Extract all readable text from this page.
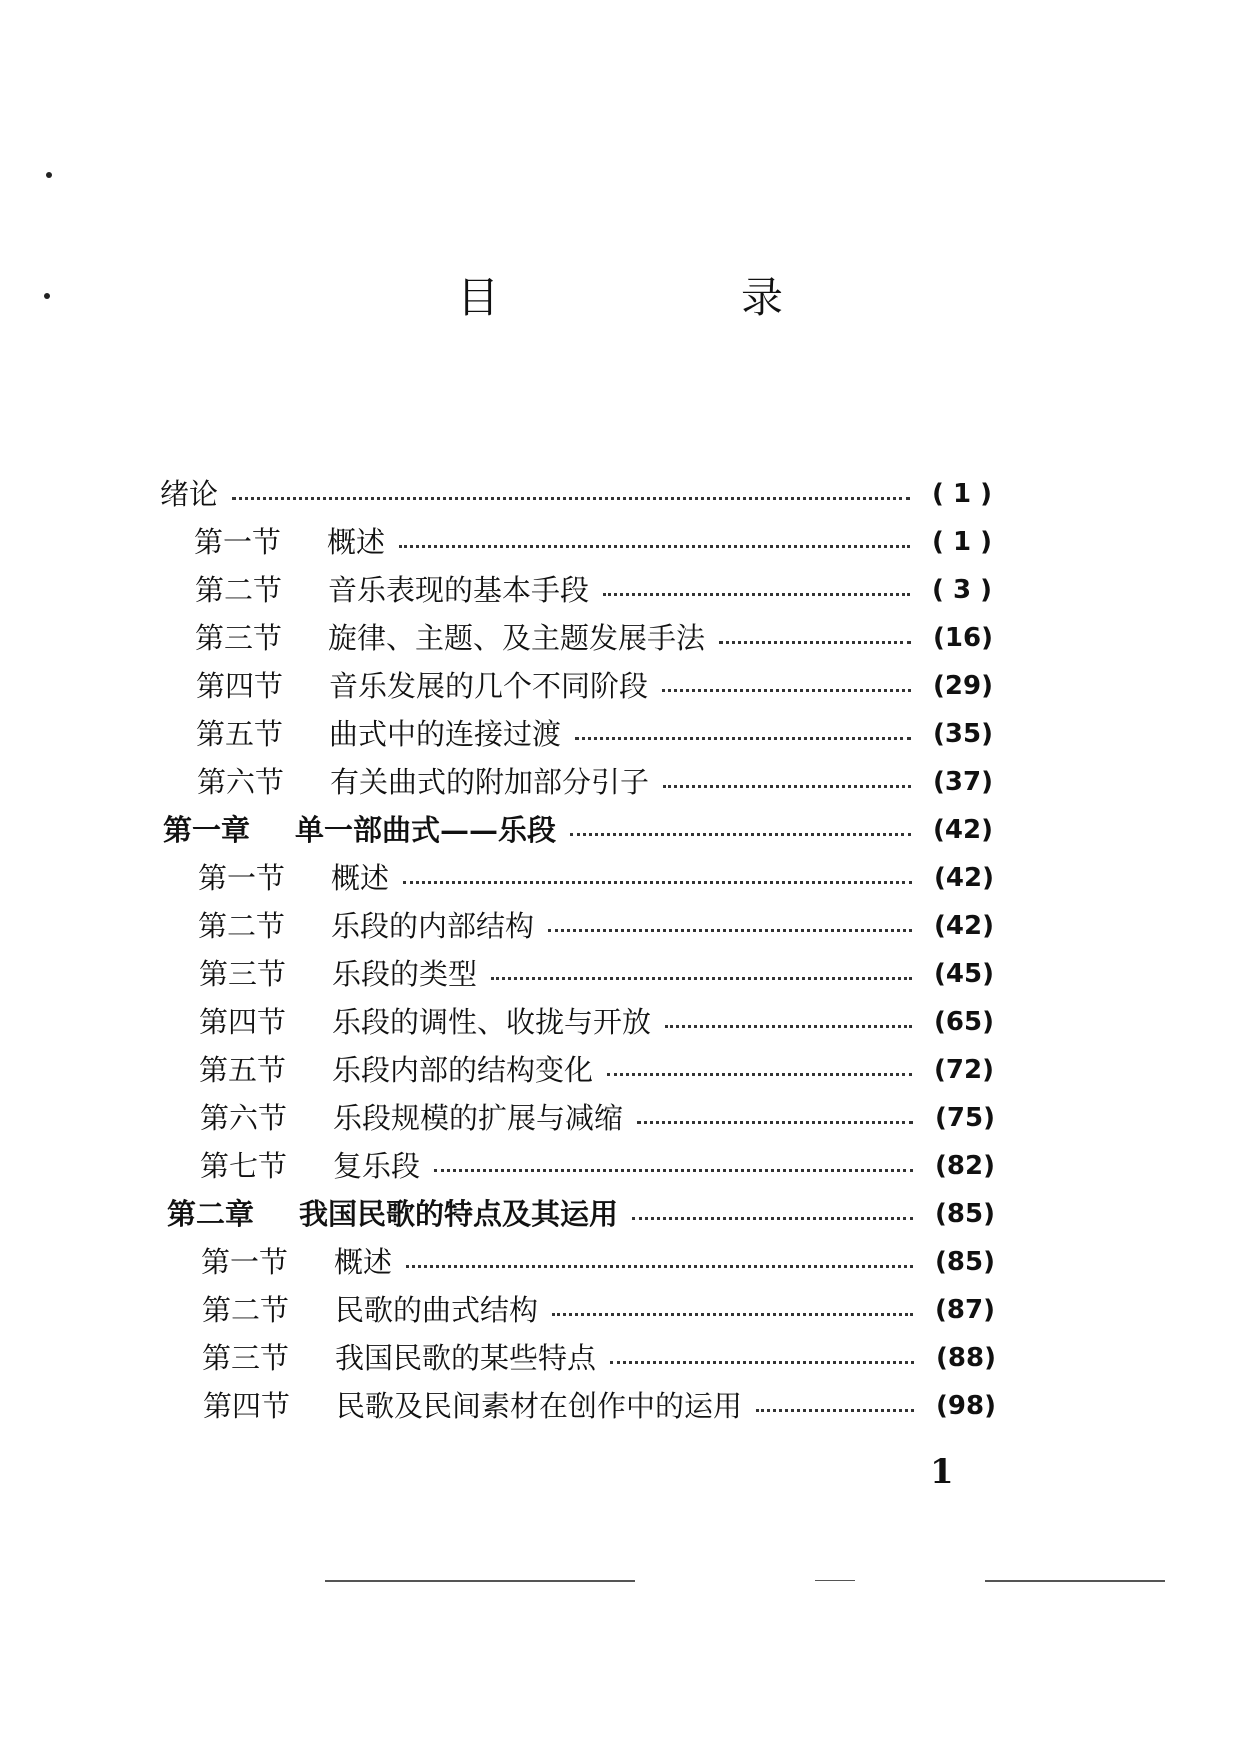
目　录
绪论	( 1 )
第一节 概述	( 1 )
第二节 音乐表现的基本手段	( 3 )
第三节 旋律、主题、及主题发展手法	(16)
第四节 音乐发展的几个不同阶段	(29)
第五节 曲式中的连接过渡	(35)
第六节 有关曲式的附加部分引子	(37)
第一章 单一部曲式——乐段	(42)
第一节 概述	(42)
第二节 乐段的内部结构	(42)
第三节 乐段的类型	(45)
第四节 乐段的调性、收拢与开放	(65)
第五节 乐段内部的结构变化	(72)
第六节 乐段规模的扩展与减缩	(75)
第七节 复乐段	(82)
第二章 我国民歌的特点及其运用	(85)
第一节 概述	(85)
第二节 民歌的曲式结构	(87)
第三节 我国民歌的某些特点	(88)
第四节 民歌及民间素材在创作中的运用	(98)
1
